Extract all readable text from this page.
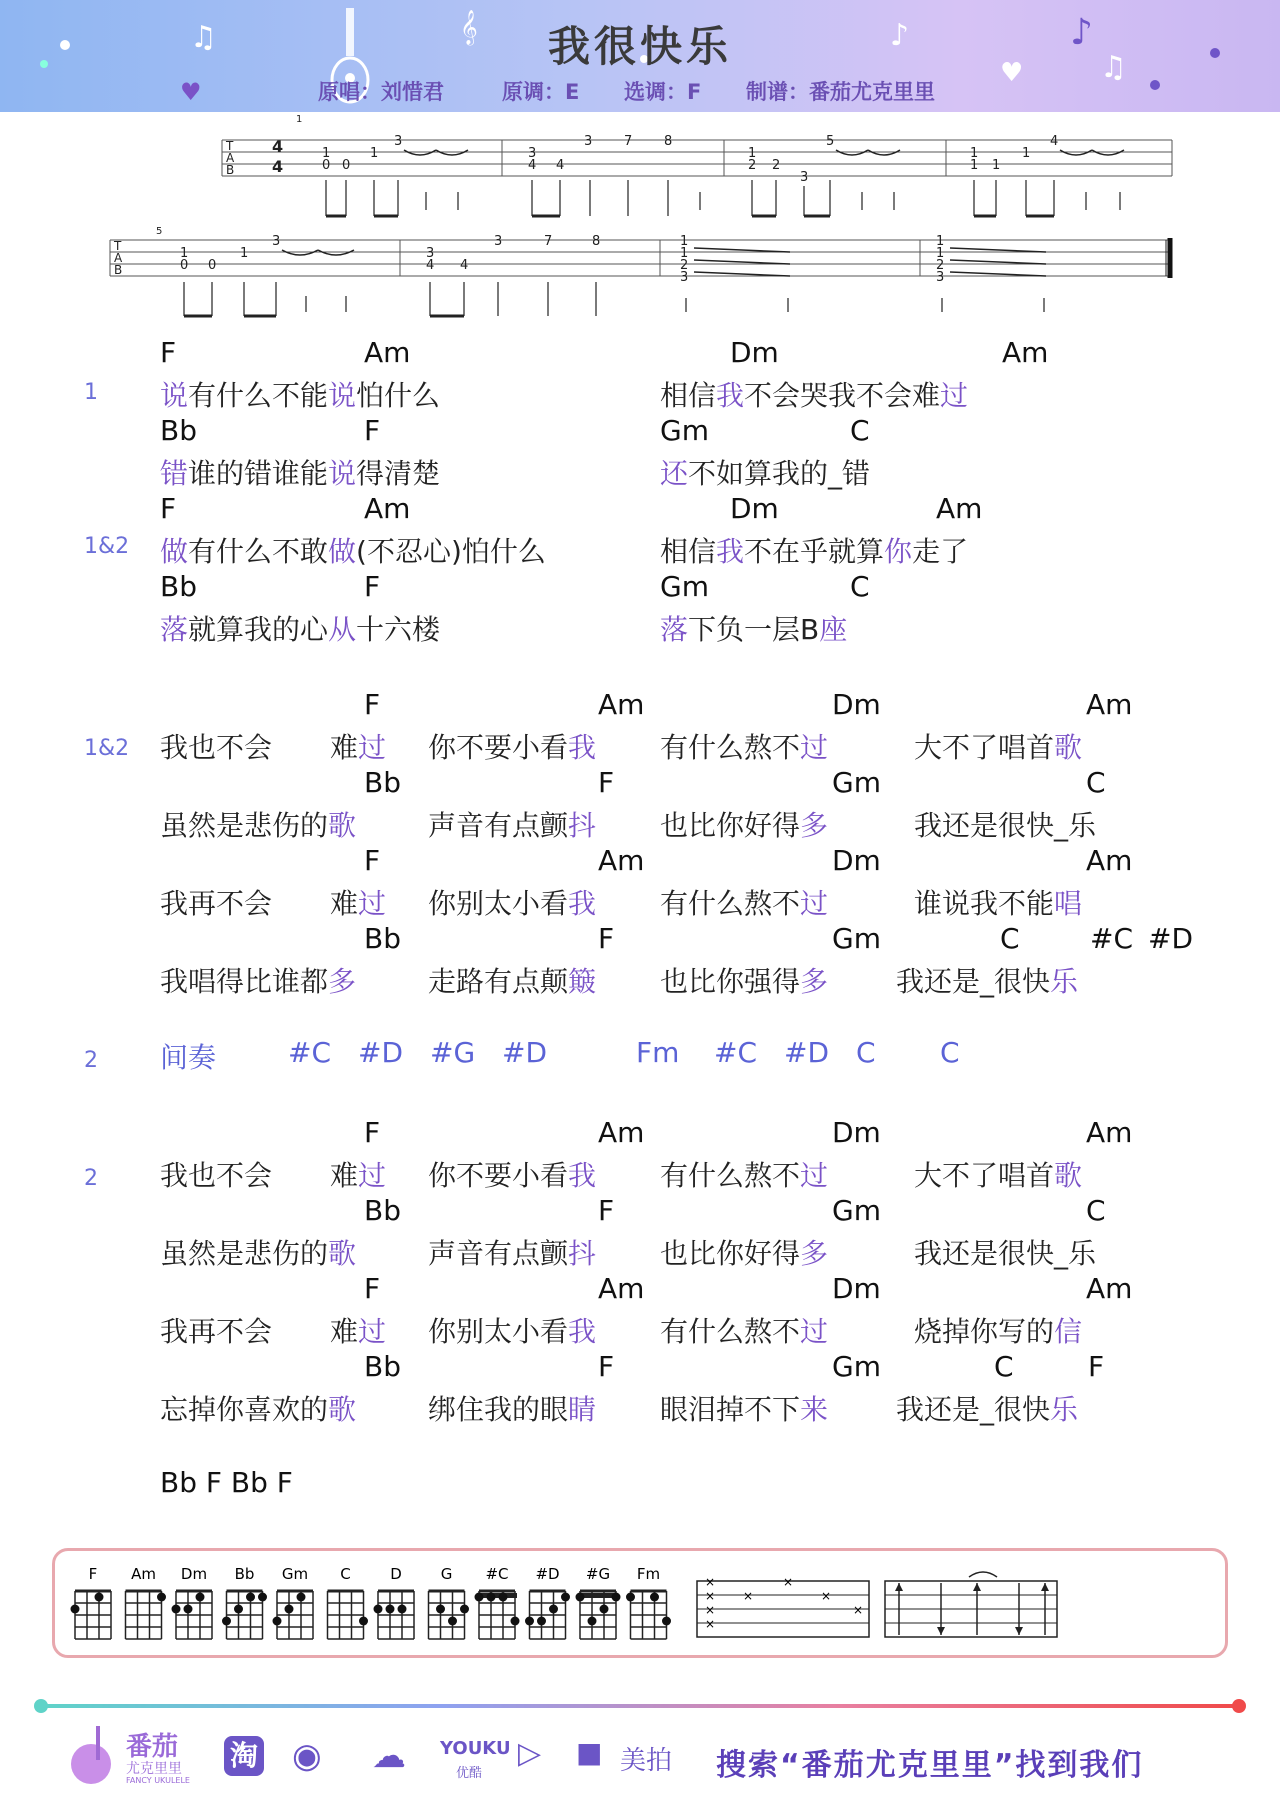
♫	𝄞	♪	♪
♫
♥
♥
我很快乐
原唱：刘惜君	原调：E 选调：F 制谱：番茄尤克里里
T
A
B
T
A
B
4
4
1
5
1
0 0
1
3
3
4 4
3 7 8
1
2 2
3
5
1
1 1
1
4
1
0 0
1
3
3
4 4
3	7	8	1
1
2
3
1
1
2
3
1
F	Am	Dm	Am
说有什么不能说怕什么	相信我不会哭我不会难过
Bb	F	Gm	C
错谁的错谁能说得清楚	还不如算我的_错
1&2
F	Am	Dm	Am
做有什么不敢做(不忍心)怕什么	相信我不在乎就算你走了
Bb	F	Gm	C
落就算我的心从十六楼	落下负一层B座
1&2
F	Am	Dm	Am
我也不会 难过 你不要小看我 有什么熬不过	大不了唱首歌
Bb	F	Gm	C
虽然是悲伤的歌	声音有点颤抖 也比你好得多	我还是很快_乐
F	Am	Dm	Am
我再不会 难过 你别太小看我 有什么熬不过	谁说我不能唱
Bb	F	Gm	C	#C #D
我唱得比谁都多	走路有点颠簸 也比你强得多 我还是_很快乐
2 间奏	#C #D #G #D	Fm #C #D C C
2
F	Am	Dm	Am
我也不会 难过 你不要小看我 有什么熬不过	大不了唱首歌
Bb	F	Gm	C
虽然是悲伤的歌	声音有点颤抖 也比你好得多	我还是很快_乐
F	Am	Dm	Am
我再不会 难过 你别太小看我 有什么熬不过	烧掉你写的信
Bb	F	Gm	C	F
忘掉你喜欢的歌	绑住我的眼睛 眼泪掉不下来 我还是_很快乐
Bb F Bb F
F Am Dm Bb Gm C	D	G #C #D #G Fm	×
×
×
×
×
×
×
×
番茄
尤克里里
FANCY UKULELE
淘 ◉ ☁ YOUKU
优酷
▷ ■ 美拍 搜索“番茄尤克里里”找到我们
